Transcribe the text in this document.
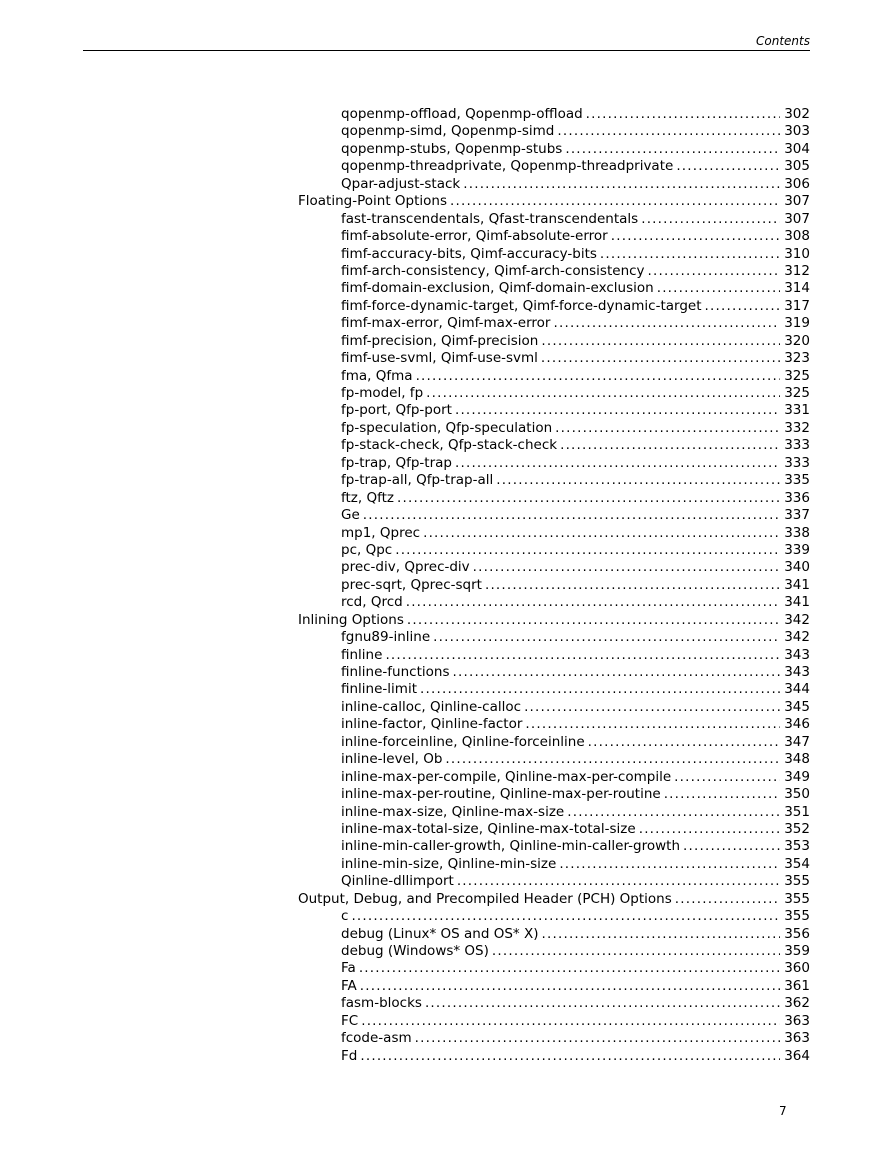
Contents
qopenmp-offload, Qopenmp-offload .....	302
qopenmp-simd, Qopenmp-simd .....	303
qopenmp-stubs, Qopenmp-stubs .....	304
qopenmp-threadprivate, Qopenmp-threadprivate .....	305
Qpar-adjust-stack .....	306
Floating-Point Options .....	307
fast-transcendentals, Qfast-transcendentals .....	307
fimf-absolute-error, Qimf-absolute-error .....	308
fimf-accuracy-bits, Qimf-accuracy-bits .....	310
fimf-arch-consistency, Qimf-arch-consistency .....	312
fimf-domain-exclusion, Qimf-domain-exclusion .....	314
fimf-force-dynamic-target, Qimf-force-dynamic-target .....	317
fimf-max-error, Qimf-max-error .....	319
fimf-precision, Qimf-precision .....	320
fimf-use-svml, Qimf-use-svml .....	323
fma, Qfma .....	325
fp-model, fp .....	325
fp-port, Qfp-port .....	331
fp-speculation, Qfp-speculation .....	332
fp-stack-check, Qfp-stack-check .....	333
fp-trap, Qfp-trap .....	333
fp-trap-all, Qfp-trap-all .....	335
ftz, Qftz .....	336
Ge .....	337
mp1, Qprec .....	338
pc, Qpc .....	339
prec-div, Qprec-div .....	340
prec-sqrt, Qprec-sqrt .....	341
rcd, Qrcd .....	341
Inlining Options .....	342
fgnu89-inline .....	342
finline .....	343
finline-functions .....	343
finline-limit .....	344
inline-calloc, Qinline-calloc .....	345
inline-factor, Qinline-factor .....	346
inline-forceinline, Qinline-forceinline .....	347
inline-level, Ob .....	348
inline-max-per-compile, Qinline-max-per-compile .....	349
inline-max-per-routine, Qinline-max-per-routine .....	350
inline-max-size, Qinline-max-size .....	351
inline-max-total-size, Qinline-max-total-size .....	352
inline-min-caller-growth, Qinline-min-caller-growth .....	353
inline-min-size, Qinline-min-size .....	354
Qinline-dllimport .....	355
Output, Debug, and Precompiled Header (PCH) Options .....	355
c .....	355
debug (Linux* OS and OS* X) .....	356
debug (Windows* OS) .....	359
Fa .....	360
FA .....	361
fasm-blocks .....	362
FC .....	363
fcode-asm .....	363
Fd .....	364
7
